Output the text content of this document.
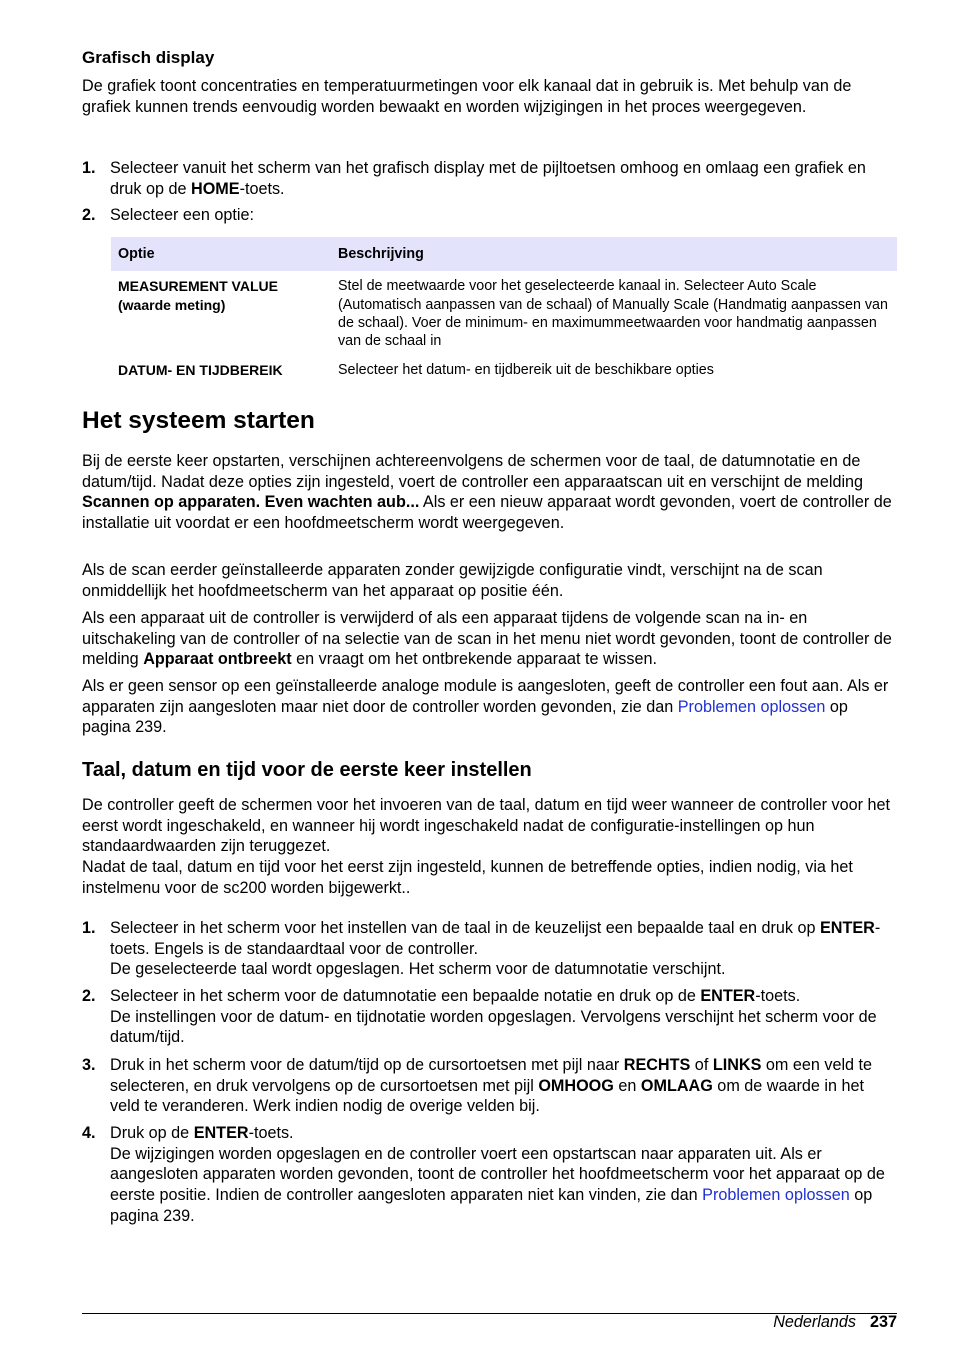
Grafisch display

De grafiek toont concentraties en temperatuurmetingen voor elk kanaal dat in gebruik is. Met behulp van de grafiek kunnen trends eenvoudig worden bewaakt en worden wijzigingen in het proces weergegeven.

1. Selecteer vanuit het scherm van het grafisch display met de pijltoetsen omhoog en omlaag een grafiek en druk op de HOME-toets.
2. Selecteer een optie:
Optie	Beschrijving
MEASUREMENT VALUE
(waarde meting)	Stel de meetwaarde voor het geselecteerde kanaal in. Selecteer Auto Scale (Automatisch aanpassen van de schaal) of Manually Scale (Handmatig aanpassen van de schaal). Voer de minimum- en maximummeetwaarden voor handmatig aanpassen van de schaal in
DATUM- EN TIJDBEREIK	Selecteer het datum- en tijdbereik uit de beschikbare opties
Het systeem starten

Bij de eerste keer opstarten, verschijnen achtereenvolgens de schermen voor de taal, de datumnotatie en de datum/tijd. Nadat deze opties zijn ingesteld, voert de controller een apparaatscan uit en verschijnt de melding Scannen op apparaten. Even wachten aub... Als er een nieuw apparaat wordt gevonden, voert de controller de installatie uit voordat er een hoofdmeetscherm wordt weergegeven.

Als de scan eerder geïnstalleerde apparaten zonder gewijzigde configuratie vindt, verschijnt na de scan onmiddellijk het hoofdmeetscherm van het apparaat op positie één.

Als een apparaat uit de controller is verwijderd of als een apparaat tijdens de volgende scan na in- en uitschakeling van de controller of na selectie van de scan in het menu niet wordt gevonden, toont de controller de melding Apparaat ontbreekt en vraagt om het ontbrekende apparaat te wissen.

Als er geen sensor op een geïnstalleerde analoge module is aangesloten, geeft de controller een fout aan. Als er apparaten zijn aangesloten maar niet door de controller worden gevonden, zie dan Problemen oplossen op pagina 239.

Taal, datum en tijd voor de eerste keer instellen

De controller geeft de schermen voor het invoeren van de taal, datum en tijd weer wanneer de controller voor het eerst wordt ingeschakeld, en wanneer hij wordt ingeschakeld nadat de configuratie-instellingen op hun standaardwaarden zijn teruggezet.

Nadat de taal, datum en tijd voor het eerst zijn ingesteld, kunnen de betreffende opties, indien nodig, via het instelmenu voor de sc200 worden bijgewerkt..

1. Selecteer in het scherm voor het instellen van de taal in de keuzelijst een bepaalde taal en druk op ENTER-toets. Engels is de standaardtaal voor de controller.
De geselecteerde taal wordt opgeslagen. Het scherm voor de datumnotatie verschijnt.
2. Selecteer in het scherm voor de datumnotatie een bepaalde notatie en druk op de ENTER-toets.
De instellingen voor de datum- en tijdnotatie worden opgeslagen. Vervolgens verschijnt het scherm voor de datum/tijd.
3. Druk in het scherm voor de datum/tijd op de cursortoetsen met pijl naar RECHTS of LINKS om een veld te selecteren, en druk vervolgens op de cursortoetsen met pijl OMHOOG en OMLAAG om de waarde in het veld te veranderen. Werk indien nodig de overige velden bij.
4. Druk op de ENTER-toets.
De wijzigingen worden opgeslagen en de controller voert een opstartscan naar apparaten uit. Als er aangesloten apparaten worden gevonden, toont de controller het hoofdmeetscherm voor het apparaat op de eerste positie. Indien de controller aangesloten apparaten niet kan vinden, zie dan Problemen oplossen op pagina 239.
Nederlands 237
